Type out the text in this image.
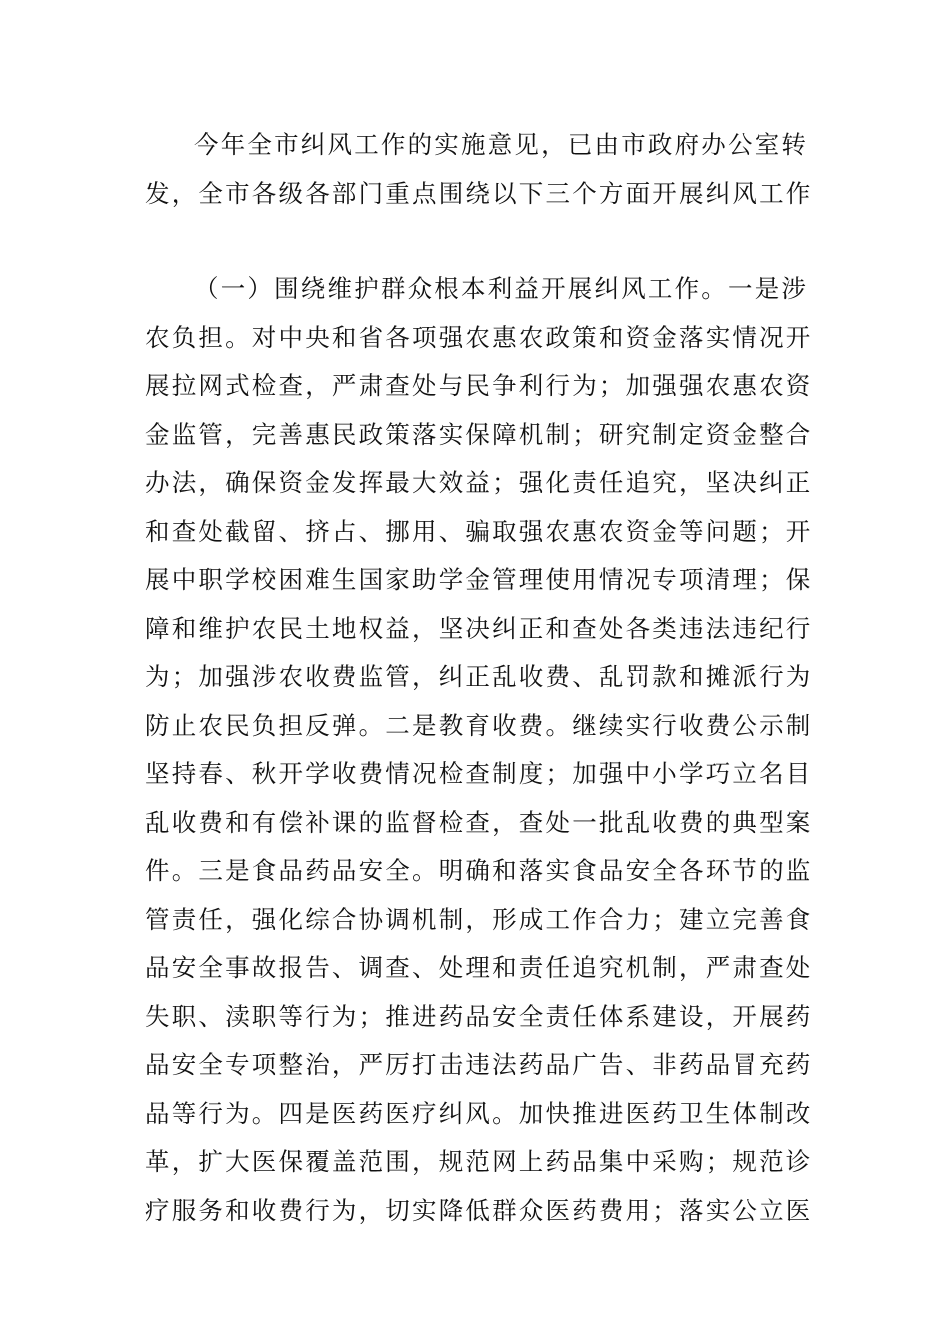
今年全市纠风工作的实施意见，已由市政府办公室转
发，全市各级各部门重点围绕以下三个方面开展纠风工作
（一）围绕维护群众根本利益开展纠风工作。一是涉
农负担。对中央和省各项强农惠农政策和资金落实情况开
展拉网式检查，严肃查处与民争利行为；加强强农惠农资
金监管，完善惠民政策落实保障机制；研究制定资金整合
办法，确保资金发挥最大效益；强化责任追究，坚决纠正
和查处截留、挤占、挪用、骗取强农惠农资金等问题；开
展中职学校困难生国家助学金管理使用情况专项清理；保
障和维护农民土地权益，坚决纠正和查处各类违法违纪行
为；加强涉农收费监管，纠正乱收费、乱罚款和摊派行为
防止农民负担反弹。二是教育收费。继续实行收费公示制
坚持春、秋开学收费情况检查制度；加强中小学巧立名目
乱收费和有偿补课的监督检查，查处一批乱收费的典型案
件。三是食品药品安全。明确和落实食品安全各环节的监
管责任，强化综合协调机制，形成工作合力；建立完善食
品安全事故报告、调查、处理和责任追究机制，严肃查处
失职、渎职等行为；推进药品安全责任体系建设，开展药
品安全专项整治，严厉打击违法药品广告、非药品冒充药
品等行为。四是医药医疗纠风。加快推进医药卫生体制改
革，扩大医保覆盖范围，规范网上药品集中采购；规范诊
疗服务和收费行为，切实降低群众医药费用；落实公立医
